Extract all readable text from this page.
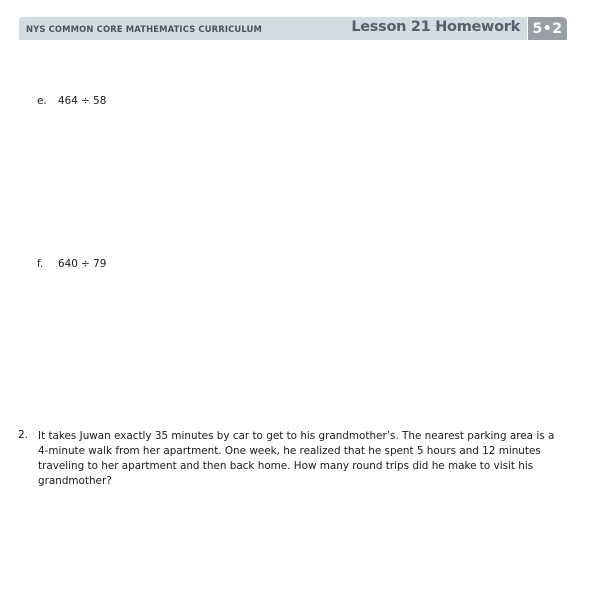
NYS COMMON CORE MATHEMATICS CURRICULUM	Lesson 21 Homework 5•2
e. 464 ÷ 58
f. 640 ÷ 79
2. It takes Juwan exactly 35 minutes by car to get to his grandmother’s. The nearest parking area is a
4-minute walk from her apartment. One week, he realized that he spent 5 hours and 12 minutes
traveling to her apartment and then back home. How many round trips did he make to visit his
grandmother?
